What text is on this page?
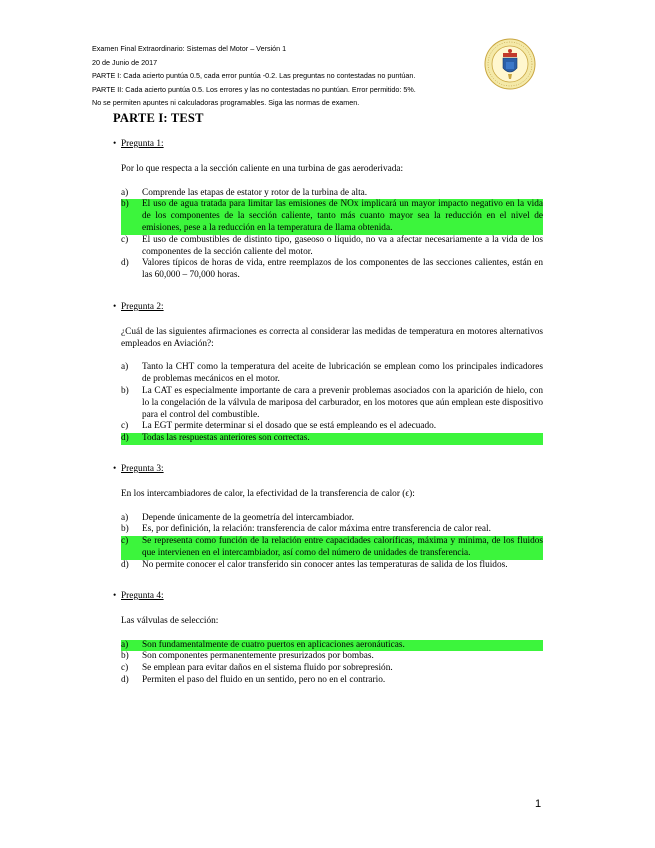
Examen Final Extraordinario: Sistemas del Motor – Versión 1
20 de Junio de 2017
PARTE I: Cada acierto puntúa 0.5, cada error puntúa -0.2. Las preguntas no contestadas no puntúan.
PARTE II: Cada acierto puntúa 0.5. Los errores y las no contestadas no puntúan. Error permitido: 5%.
No se permiten apuntes ni calculadoras programables. Siga las normas de examen.
PARTE I: TEST
• Pregunta 1:
Por lo que respecta a la sección caliente en una turbina de gas aeroderivada:
a)	Comprende las etapas de estator y rotor de la turbina de alta.
b)	El uso de agua tratada para limitar las emisiones de NOx implicará un mayor impacto negativo en la vida de los componentes de la sección caliente, tanto más cuanto mayor sea la reducción en el nivel de emisiones, pese a la reducción en la temperatura de llama obtenida.
c)	El uso de combustibles de distinto tipo, gaseoso o líquido, no va a afectar necesariamente a la vida de los componentes de la sección caliente del motor.
d)	Valores típicos de horas de vida, entre reemplazos de los componentes de las secciones calientes, están en las 60,000 – 70,000 horas.
• Pregunta 2:
¿Cuál de las siguientes afirmaciones es correcta al considerar las medidas de temperatura en motores alternativos empleados en Aviación?:
a)	Tanto la CHT como la temperatura del aceite de lubricación se emplean como los principales indicadores de problemas mecánicos en el motor.
b)	La CAT es especialmente importante de cara a prevenir problemas asociados con la aparición de hielo, con lo la congelación de la válvula de mariposa del carburador, en los motores que aún emplean este dispositivo para el control del combustible.
c)	La EGT permite determinar si el dosado que se está empleando es el adecuado.
d)	Todas las respuestas anteriores son correctas.
• Pregunta 3:
En los intercambiadores de calor, la efectividad de la transferencia de calor (ϵ):
a)	Depende únicamente de la geometría del intercambiador.
b)	Es, por definición, la relación: transferencia de calor máxima entre transferencia de calor real.
c)	Se representa como función de la relación entre capacidades caloríficas, máxima y mínima, de los fluidos que intervienen en el intercambiador, así como del número de unidades de transferencia.
d)	No permite conocer el calor transferido sin conocer antes las temperaturas de salida de los fluidos.
• Pregunta 4:
Las válvulas de selección:
a)	Son fundamentalmente de cuatro puertos en aplicaciones aeronáuticas.
b)	Son componentes permanentemente presurizados por bombas.
c)	Se emplean para evitar daños en el sistema fluido por sobrepresión.
d)	Permiten el paso del fluido en un sentido, pero no en el contrario.
1
